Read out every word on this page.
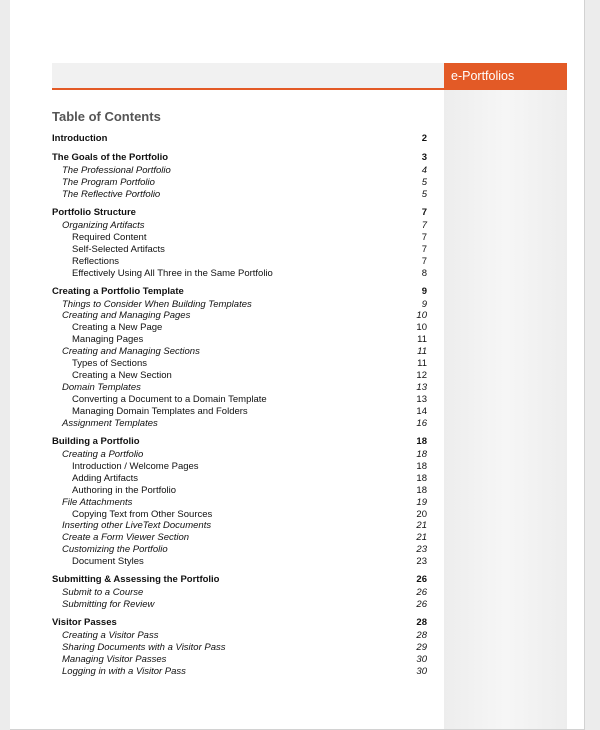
e-Portfolios
Table of Contents
Introduction	2
The Goals of the Portfolio	3
The Professional Portfolio	4
The Program Portfolio	5
The Reflective Portfolio	5
Portfolio Structure	7
Organizing Artifacts	7
Required Content	7
Self-Selected Artifacts	7
Reflections	7
Effectively Using All Three in the Same Portfolio	8
Creating a Portfolio Template	9
Things to Consider When Building Templates	9
Creating and Managing Pages	10
Creating a New Page	10
Managing Pages	11
Creating and Managing Sections	11
Types of Sections	11
Creating a New Section	12
Domain Templates	13
Converting a Document to a Domain Template	13
Managing Domain Templates and Folders	14
Assignment Templates	16
Building a Portfolio	18
Creating a Portfolio	18
Introduction / Welcome Pages	18
Adding Artifacts	18
Authoring in the Portfolio	18
File Attachments	19
Copying Text from Other Sources	20
Inserting other LiveText Documents	21
Create a Form Viewer Section	21
Customizing the Portfolio	23
Document Styles	23
Submitting & Assessing the Portfolio	26
Submit to a Course	26
Submitting for Review	26
Visitor Passes	28
Creating a Visitor Pass	28
Sharing Documents with a Visitor Pass	29
Managing Visitor Passes	30
Logging in with a Visitor Pass	30
